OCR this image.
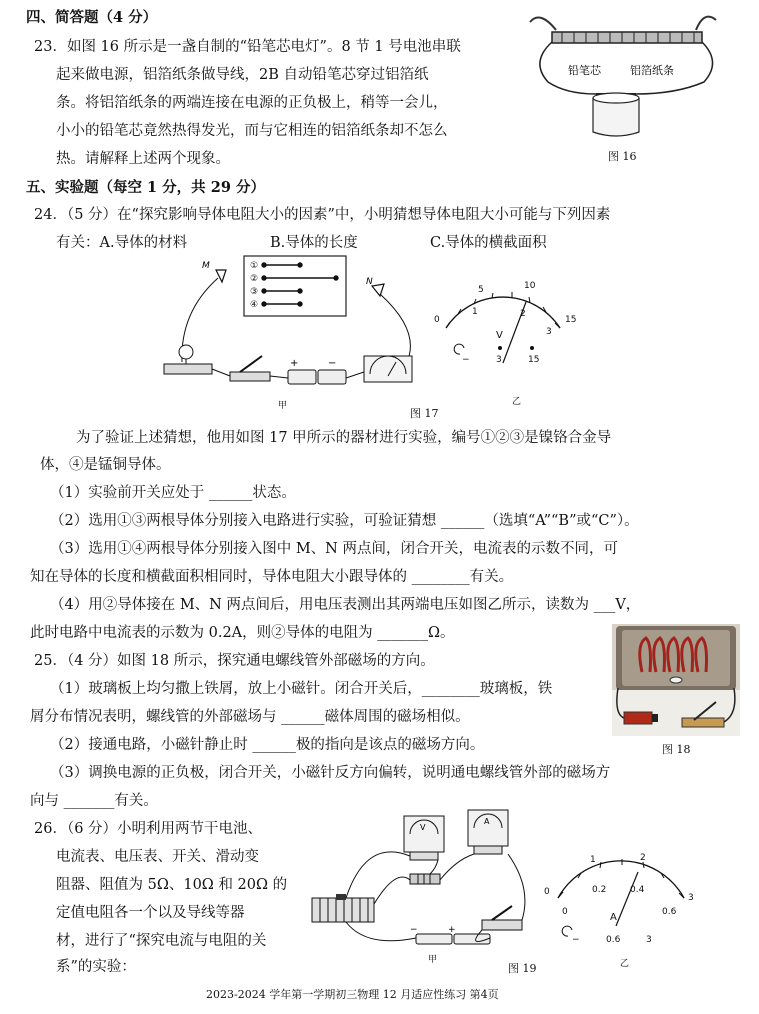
四、简答题（4 分）
23．如图 16 所示是一盏自制的“铅笔芯电灯”。8 节 1 号电池串联
起来做电源，铝箔纸条做导线，2B 自动铅笔芯穿过铝箔纸
条。将铝箔纸条的两端连接在电源的正负极上，稍等一会儿，
小小的铅笔芯竟然热得发光，而与它相连的铝箔纸条却不怎么
热。请解释上述两个现象。
铅笔芯	铝箔纸条
图 16
五、实验题（每空 1 分，共 29 分）
24．（5 分）在“探究影响导体电阻大小的因素”中，小明猜想导体电阻大小可能与下列因素
有关：A.导体的材料	B.导体的长度	C.导体的横截面积
①
②
③
④
M
N
+	−
甲
5	10
15
0
1	2
3
V
−	3	15
乙
图 17
为了验证上述猜想，他用如图 17 甲所示的器材进行实验，编号①②③是镍铬合金导
体，④是锰铜导体。
（1）实验前开关应处于 ______状态。
（2）选用①③两根导体分别接入电路进行实验，可验证猜想 ______（选填“A”“B”或“C”）。
（3）选用①④两根导体分别接入图中 M、N 两点间，闭合开关，电流表的示数不同，可
知在导体的长度和横截面积相同时，导体电阻大小跟导体的 ________有关。
（4）用②导体接在 M、N 两点间后，用电压表测出其两端电压如图乙所示，读数为 ___V，
此时电路中电流表的示数为 0.2A，则②导体的电阻为 _______Ω。
25．（4 分）如图 18 所示，探究通电螺线管外部磁场的方向。
（1）玻璃板上均匀撒上铁屑，放上小磁针。闭合开关后，________玻璃板，铁
屑分布情况表明，螺线管的外部磁场与 ______磁体周围的磁场相似。
（2）接通电路，小磁针静止时 ______极的指向是该点的磁场方向。
（3）调换电源的正负极，闭合开关，小磁针反方向偏转，说明通电螺线管外部的磁场方
向与 _______有关。
图 18
26．（6 分）小明利用两节干电池、
电流表、电压表、开关、滑动变
阻器、阻值为 5Ω、10Ω 和 20Ω 的
定值电阻各一个以及导线等器
材，进行了“探究电流与电阻的关
系”的实验：
V
A
−	+
甲
0
1	2
3
0
0.2	0.4
0.6
A
−	0.6	3
乙
图 19
2023-2024 学年第一学期初三物理 12 月适应性练习 第4页
